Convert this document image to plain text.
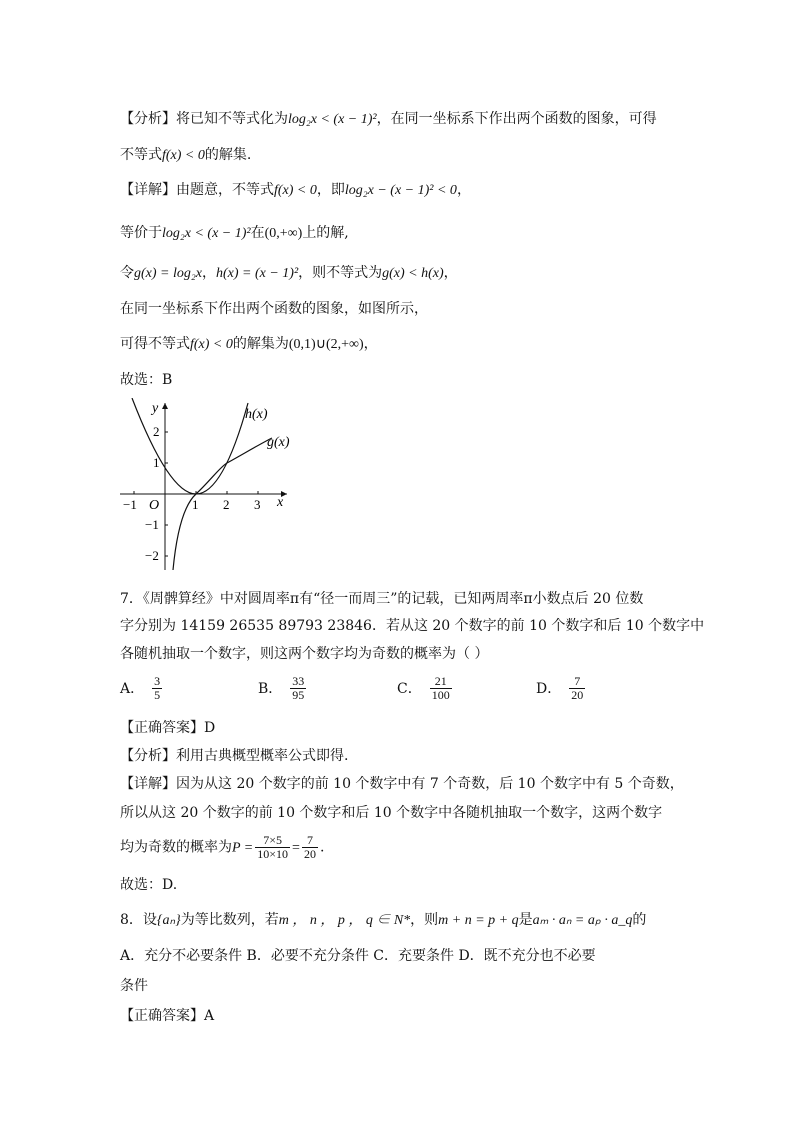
【分析】将已知不等式化为log₂x < (x − 1)²，在同一坐标系下作出两个函数的图象，可得
不等式f(x) < 0的解集.
【详解】由题意，不等式f(x) < 0，即log₂x − (x − 1)² < 0，
等价于log₂x < (x − 1)²在(0,+∞)上的解,
令g(x) = log₂x，h(x) = (x − 1)²，则不等式为g(x) < h(x)，
在同一坐标系下作出两个函数的图象，如图所示，
可得不等式f(x) < 0的解集为(0,1)∪(2,+∞)，
故选：B
y
x
O
h(x)
g(x)
−1	1 2 3
2
1
−1
−2
7．《周髀算经》中对圆周率π有“径一而周三”的记载，已知两周率π小数点后 20 位数
字分别为 14159 26535 89793 23846．若从这 20 个数字的前 10 个数字和后 10 个数字中
各随机抽取一个数字，则这两个数字均为奇数的概率为（ ）
A． $\frac{3}{5}$	B． $\frac{33}{95}$	C． $\frac{21}{100}$	D． $\frac{7}{20}$
【正确答案】D
【分析】利用古典概型概率公式即得.
【详解】因为从这 20 个数字的前 10 个数字中有 7 个奇数，后 10 个数字中有 5 个奇数，
所以从这 20 个数字的前 10 个数字和后 10 个数字中各随机抽取一个数字，这两个数字
均为奇数的概率为$P = \frac{7\times 5}{10\times 10} = \frac{7}{20}$ .
故选：D.
8．设{aₙ}为等比数列，若m ， n ， p ， q ∈ N*，则m + n = p + q是aₘ · aₙ = aₚ · a_q的
A．充分不必要条件 B．必要不充分条件 C．充要条件 D．既不充分也不必要
条件
【正确答案】A
